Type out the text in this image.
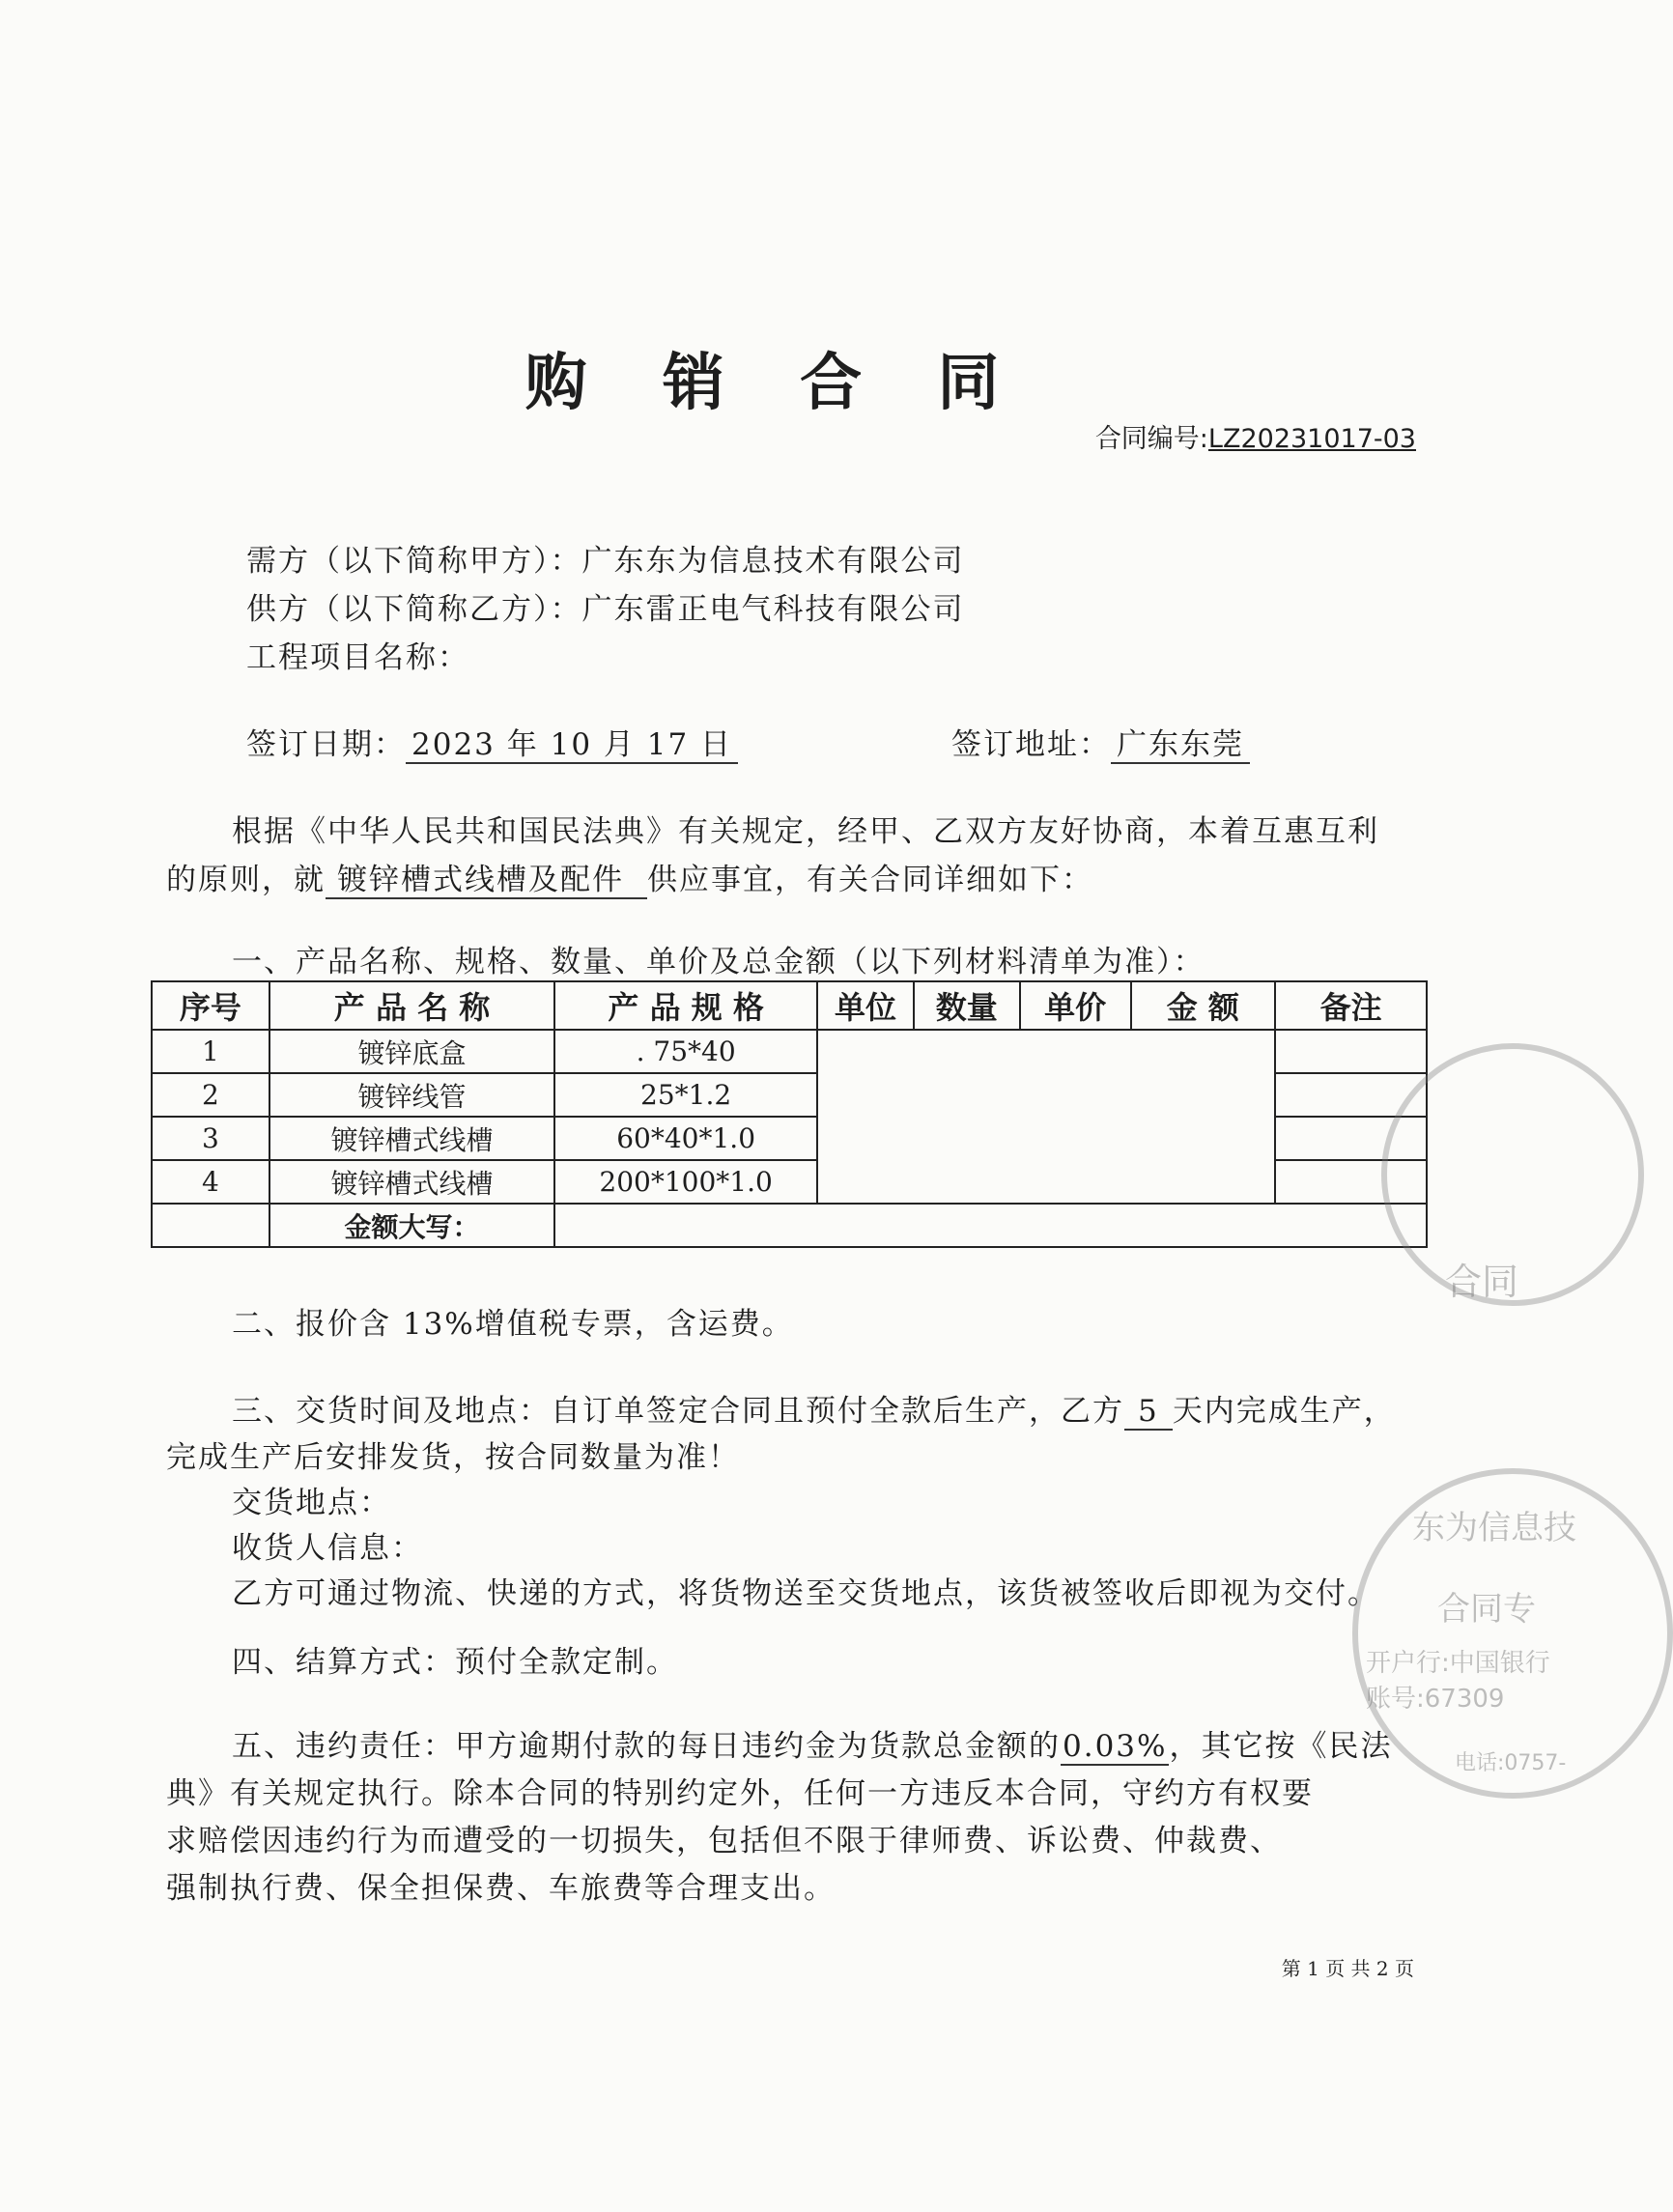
购 销 合 同
合同编号:LZ20231017-03
需方（以下简称甲方）：广东东为信息技术有限公司
供方（以下简称乙方）：广东雷正电气科技有限公司
工程项目名称：
签订日期： 2023 年 10 月 17 日	签订地址： 广东东莞
根据《中华人民共和国民法典》有关规定，经甲、乙双方友好协商，本着互惠互利
的原则，就 镀锌槽式线槽及配件 供应事宜，有关合同详细如下：
一、产品名称、规格、数量、单价及总金额（以下列材料清单为准）：
序号	产 品 名 称	产 品 规 格	单位	数量	单价	金 额	备注
1	镀锌底盒	. 75*40					
2	镀锌线管	25*1.2					
3	镀锌槽式线槽	60*40*1.0					
4	镀锌槽式线槽	200*100*1.0					
	金额大写：						
二、报价含 13%增值税专票，含运费。
三、交货时间及地点：自订单签定合同且预付全款后生产，乙方 5 天内完成生产，
完成生产后安排发货，按合同数量为准！
交货地点：
收货人信息：
乙方可通过物流、快递的方式，将货物送至交货地点，该货被签收后即视为交付。
四、结算方式：预付全款定制。
五、违约责任：甲方逾期付款的每日违约金为货款总金额的0.03%，其它按《民法
典》有关规定执行。除本合同的特别约定外，任何一方违反本合同，守约方有权要
求赔偿因违约行为而遭受的一切损失，包括但不限于律师费、诉讼费、仲裁费、
强制执行费、保全担保费、车旅费等合理支出。
合同
东为信息技
合同专
开户行:中国银行
账号:67309
电话:0757-
第 1 页 共 2 页
